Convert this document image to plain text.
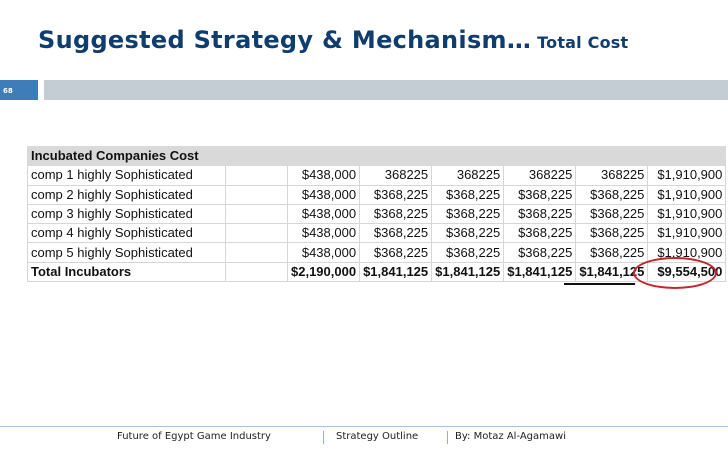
Suggested Strategy & Mechanism… Total Cost
68
Incubated Companies Cost							
comp 1 highly Sophisticated		$438,000	368225	368225	368225	368225	$1,910,900
comp 2 highly Sophisticated		$438,000	$368,225	$368,225	$368,225	$368,225	$1,910,900
comp 3 highly Sophisticated		$438,000	$368,225	$368,225	$368,225	$368,225	$1,910,900
comp 4 highly Sophisticated		$438,000	$368,225	$368,225	$368,225	$368,225	$1,910,900
comp 5 highly Sophisticated		$438,000	$368,225	$368,225	$368,225	$368,225	$1,910,900
Total Incubators		$2,190,000	$1,841,125	$1,841,125	$1,841,125	$1,841,125	$9,554,500
Future of Egypt Game Industry	Strategy Outline	By: Motaz Al-Agamawi
